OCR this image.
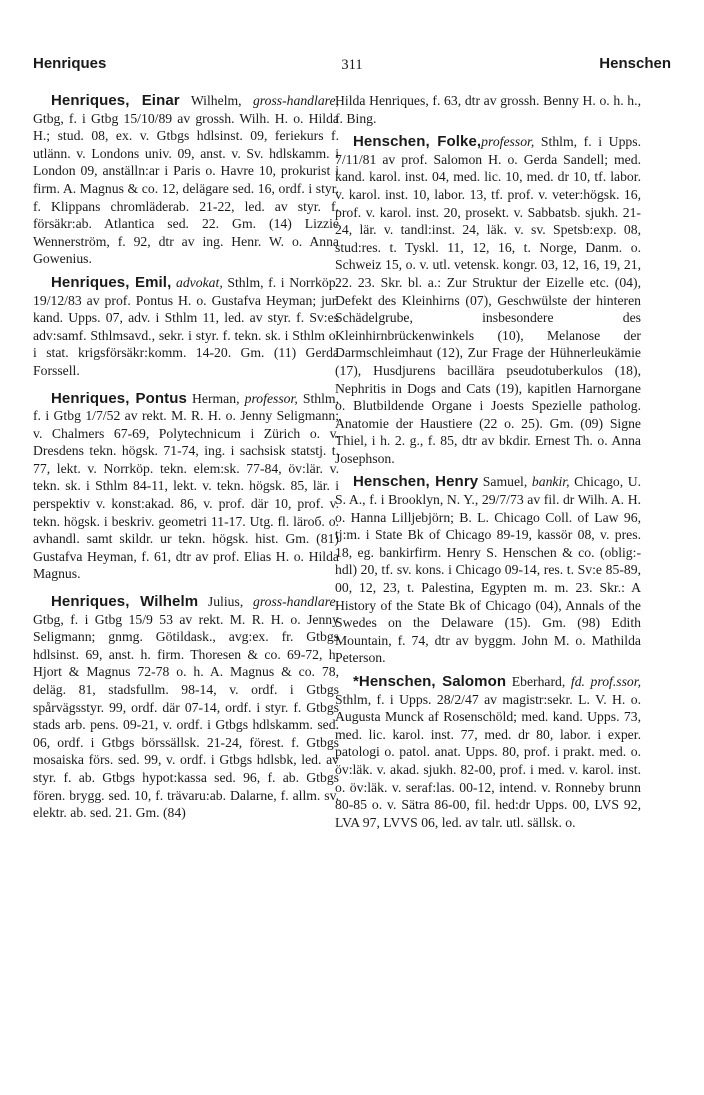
Henriques	311	Henschen

Henriques, Einar Wilhelm, gross-handlare, Gtbg, f. i Gtbg 15/10/89 av grossh. Wilh. H. o. Hilda H.; stud. 08, ex. v. Gtbgs hdlsinst. 09, feriekurs f. utlänn. v. Londons univ. 09, anst. v. Sv. hdlskamm. i London 09, anställn:ar i Paris o. Havre 10, prokurist i firm. A. Magnus & co. 12, delägare sed. 16, ordf. i styr. f. Klippans chromläderab. 21-22, led. av styr. f. försäkr:ab. Atlantica sed. 22. Gm. (14) Lizzie Wennerström, f. 92, dtr av ing. Henr. W. o. Anna Gowenius.

Henriques, Emil, advokat, Sthlm, f. i Norrköp. 19/12/83 av prof. Pontus H. o. Gustafva Heyman; jur. kand. Upps. 07, adv. i Sthlm 11, led. av styr. f. Sv:es adv:samf. Sthlmsavd., sekr. i styr. f. tekn. sk. i Sthlm o. i stat. krigsförsäkr:komm. 14-20. Gm. (11) Gerda Forssell.

Henriques, Pontus Herman, professor, Sthlm, f. i Gtbg 1/7/52 av rekt. M. R. H. o. Jenny Seligmann; v. Chalmers 67-69, Polytechnicum i Zürich o. v. Dresdens tekn. högsk. 71-74, ing. i sachsisk statstj. t. 77, lekt. v. Norrköp. tekn. elem:sk. 77-84, öv:lär. v. tekn. sk. i Sthlm 84-11, lekt. v. tekn. högsk. 85, lär. i perspektiv v. konst:akad. 86, v. prof. där 10, prof. v. tekn. högsk. i beskriv. geometri 11-17. Utg. fl. läroб. o. avhandl. samt skildr. ur tekn. högsk. hist. Gm. (81) Gustafva Heyman, f. 61, dtr av prof. Elias H. o. Hilda Magnus.

Henriques, Wilhelm Julius, gross-handlare, Gtbg, f. i Gtbg 15/9 53 av rekt. M. R. H. o. Jenny Seligmann; gnmg. Götildask., avg:ex. fr. Gtbgs hdlsinst. 69, anst. h. firm. Thoresen & co. 69-72, h. Hjort & Magnus 72-78 o. h. A. Magnus & co. 78, deläg. 81, stadsfullm. 98-14, v. ordf. i Gtbgs spårvägsstyr. 99, ordf. där 07-14, ordf. i styr. f. Gtbgs stads arb. pens. 09-21, v. ordf. i Gtbgs hdlskamm. sed. 06, ordf. i Gtbgs börssällsk. 21-24, förest. f. Gtbgs mosaiska förs. sed. 99, v. ordf. i Gtbgs hdlsbk, led. av styr. f. ab. Gtbgs hypot:kassa sed. 96, f. ab. Gtbgs fören. brygg. sed. 10, f. trävaru:ab. Dalarne, f. allm. sv. elektr. ab. sed. 21. Gm. (84)

Hilda Henriques, f. 63, dtr av grossh. Benny H. o. h. h., f. Bing.

Henschen, Folke,professor, Sthlm, f. i Upps. 7/11/81 av prof. Salomon H. o. Gerda Sandell; med. kand. karol. inst. 04, med. lic. 10, med. dr 10, tf. labor. v. karol. inst. 10, labor. 13, tf. prof. v. veter:högsk. 16, prof. v. karol. inst. 20, prosekt. v. Sabbatsb. sjukh. 21-24, lär. v. tandl:inst. 24, läk. v. sv. Spetsb:exp. 08, stud:res. t. Tyskl. 11, 12, 16, t. Norge, Danm. o. Schweiz 15, o. v. utl. vetensk. kongr. 03, 12, 16, 19, 21, 22. 23. Skr. bl. a.: Zur Struktur der Eizelle etc. (04), Defekt des Kleinhirns (07), Geschwülste der hinteren Schädelgrube, insbesondere des Kleinhirnbrückenwinkels (10), Melanose der Darmschleimhaut (12), Zur Frage der Hühnerleukämie (17), Husdjurens bacillära pseudotuberkulos (18), Nephritis in Dogs and Cats (19), kapitlen Harnorgane o. Blutbildende Organe i Joests Spezielle patholog. Anatomie der Haustiere (22 o. 25). Gm. (09) Signe Thiel, i h. 2. g., f. 85, dtr av bkdir. Ernest Th. o. Anna Josephson.

Henschen, Henry Samuel, bankir, Chicago, U. S. A., f. i Brooklyn, N. Y., 29/7/73 av fil. dr Wilh. A. H. o. Hanna Lilljebjörn; B. L. Chicago Coll. of Law 96, tj:m. i State Bk of Chicago 89-19, kassör 08, v. pres. 18, eg. bankirfirm. Henry S. Henschen & co. (oblig:-hdl) 20, tf. sv. kons. i Chicago 09-14, res. t. Sv:e 85-89, 00, 12, 23, t. Palestina, Egypten m. m. 23. Skr.: A History of the State Bk of Chicago (04), Annals of the Swedes on the Delaware (15). Gm. (98) Edith Mountain, f. 74, dtr av byggm. John M. o. Mathilda Peterson.

*Henschen, Salomon Eberhard, fd. prof.ssor, Sthlm, f. i Upps. 28/2/47 av magistr:sekr. L. V. H. o. Augusta Munck af Rosenschöld; med. kand. Upps. 73, med. lic. karol. inst. 77, med. dr 80, labor. i exper. patologi o. patol. anat. Upps. 80, prof. i prakt. med. o. öv:läk. v. akad. sjukh. 82-00, prof. i med. v. karol. inst. o. öv:läk. v. seraf:las. 00-12, intend. v. Ronneby brunn 80-85 o. v. Sätra 86-00, fil. hed:dr Upps. 00, LVS 92, LVA 97, LVVS 06, led. av talr. utl. sällsk. o.
